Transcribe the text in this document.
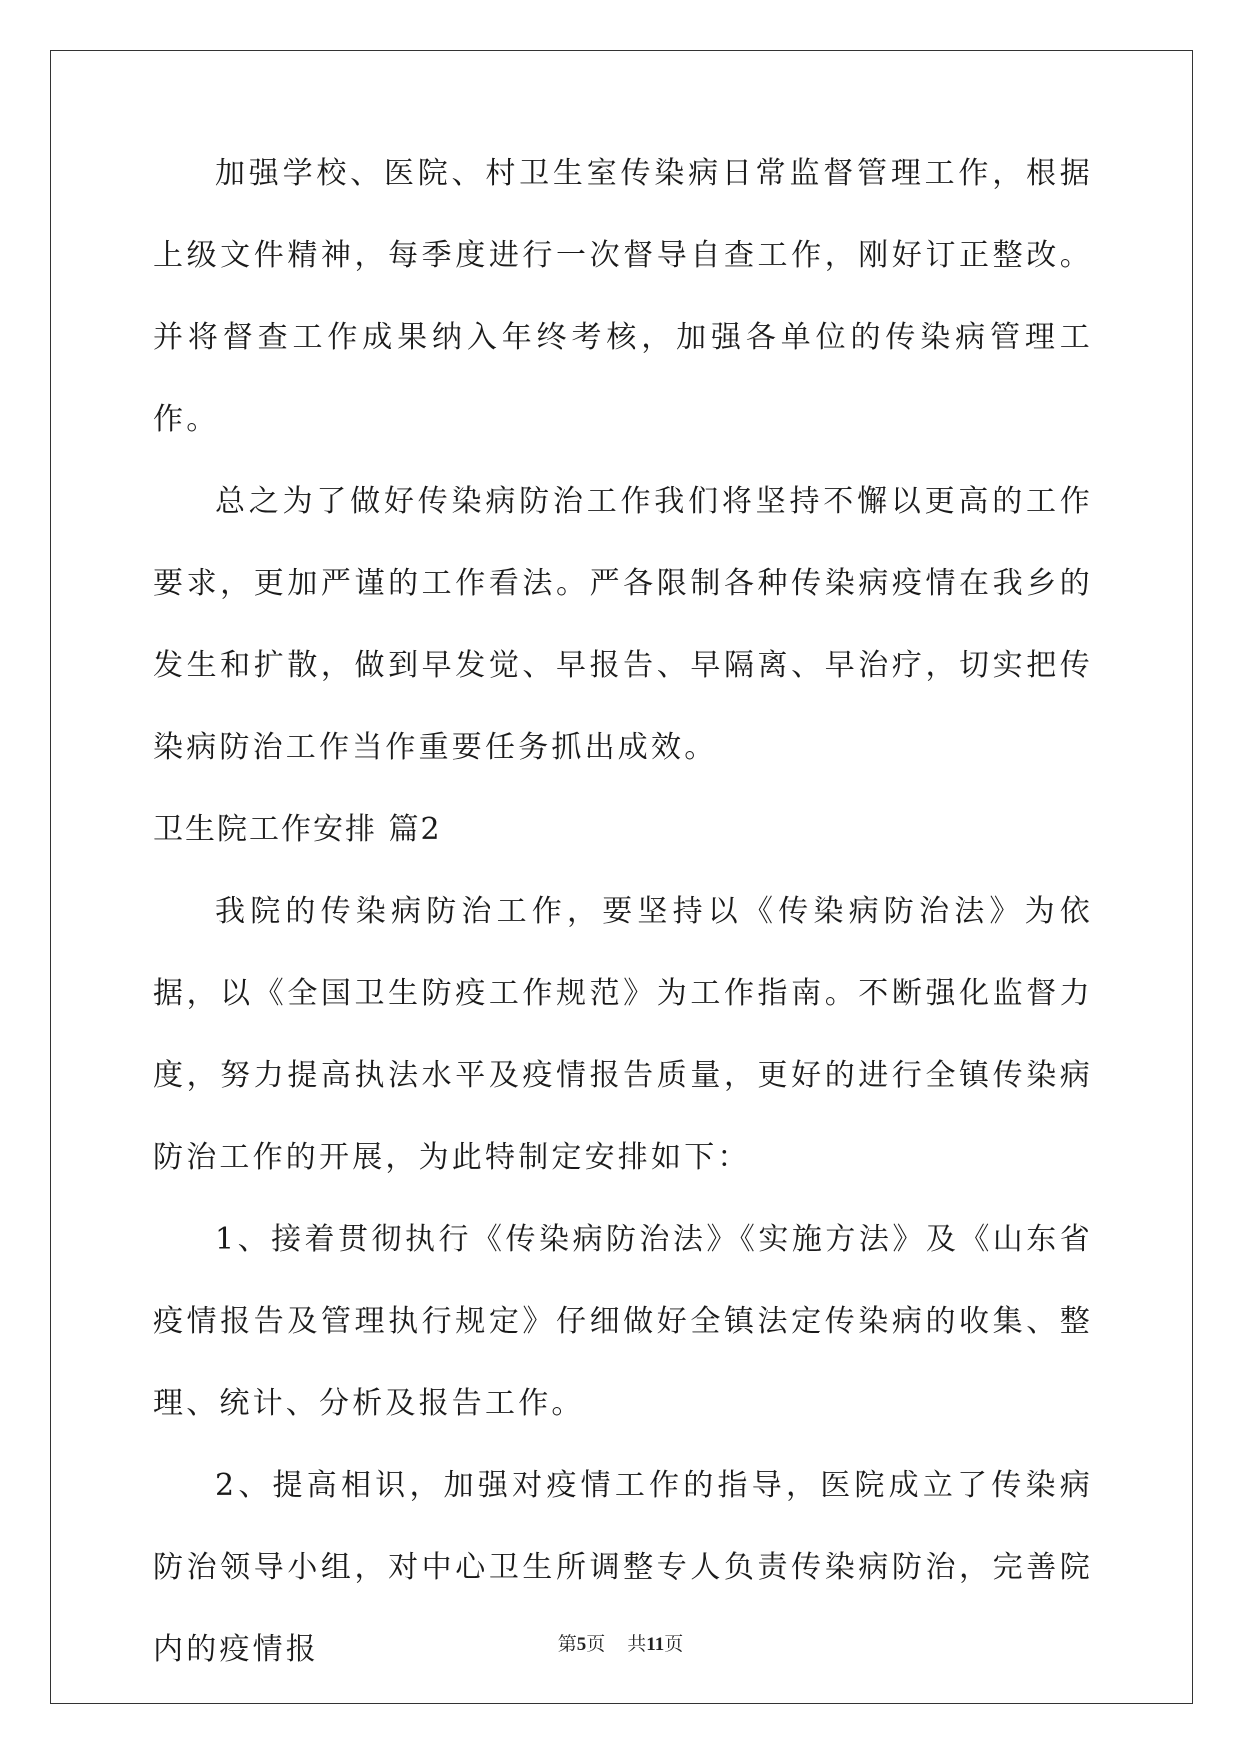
加强学校、医院、村卫生室传染病日常监督管理工作，根据上级文件精神，每季度进行一次督导自查工作，刚好订正整改。并将督查工作成果纳入年终考核，加强各单位的传染病管理工作。

总之为了做好传染病防治工作我们将坚持不懈以更高的工作要求，更加严谨的工作看法。严各限制各种传染病疫情在我乡的发生和扩散，做到早发觉、早报告、早隔离、早治疗，切实把传染病防治工作当作重要任务抓出成效。

卫生院工作安排 篇2

我院的传染病防治工作，要坚持以《传染病防治法》为依据，以《全国卫生防疫工作规范》为工作指南。不断强化监督力度，努力提高执法水平及疫情报告质量，更好的进行全镇传染病防治工作的开展，为此特制定安排如下：

1、接着贯彻执行《传染病防治法》《实施方法》及《山东省疫情报告及管理执行规定》仔细做好全镇法定传染病的收集、整理、统计、分析及报告工作。

2、提高相识，加强对疫情工作的指导，医院成立了传染病防治领导小组，对中心卫生所调整专人负责传染病防治，完善院内的疫情报	第5页 共11页
